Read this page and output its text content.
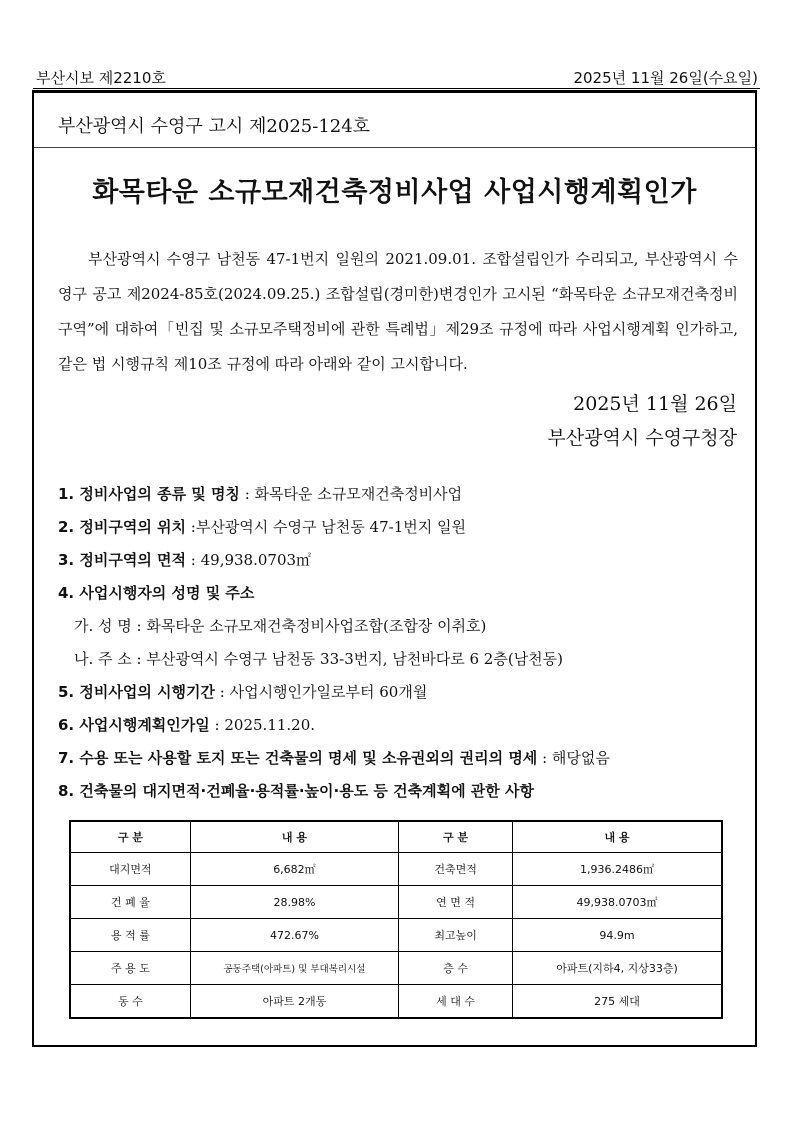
부산시보 제2210호	2025년 11월 26일(수요일)
부산광역시 수영구 고시 제2025-124호
화목타운 소규모재건축정비사업 사업시행계획인가
부산광역시 수영구 남천동 47-1번지 일원의 2021.09.01. 조합설립인가 수리되고, 부산광역시 수영구 공고 제2024-85호(2024.09.25.) 조합설립(경미한)변경인가 고시된 “화목타운 소규모재건축정비구역”에 대하여「빈집 및 소규모주택정비에 관한 특례법」제29조 규정에 따라 사업시행계획 인가하고, 같은 법 시행규칙 제10조 규정에 따라 아래와 같이 고시합니다.
2025년 11월 26일
부산광역시 수영구청장
1. 정비사업의 종류 및 명칭 : 화목타운 소규모재건축정비사업
2. 정비구역의 위치 :부산광역시 수영구 남천동 47-1번지 일원
3. 정비구역의 면적 : 49,938.0703㎡
4. 사업시행자의 성명 및 주소
가. 성 명 : 화목타운 소규모재건축정비사업조합(조합장 이취호)
나. 주 소 : 부산광역시 수영구 남천동 33-3번지, 남천바다로 6 2층(남천동)
5. 정비사업의 시행기간 : 사업시행인가일로부터 60개월
6. 사업시행계획인가일 : 2025.11.20.
7. 수용 또는 사용할 토지 또는 건축물의 명세 및 소유권외의 권리의 명세 : 해당없음
8. 건축물의 대지면적·건폐율·용적률·높이·용도 등 건축계획에 관한 사항
구 분	내 용	구 분	내 용
대지면적	6,682㎡	건축면적	1,936.2486㎡
건 폐 율	28.98%	연 면 적	49,938.0703㎡
용 적 률	472.67%	최고높이	94.9m
주 용 도	공동주택(아파트) 및 부대복리시설	층 수	아파트(지하4, 지상33층)
동 수	아파트 2개동	세 대 수	275 세대
